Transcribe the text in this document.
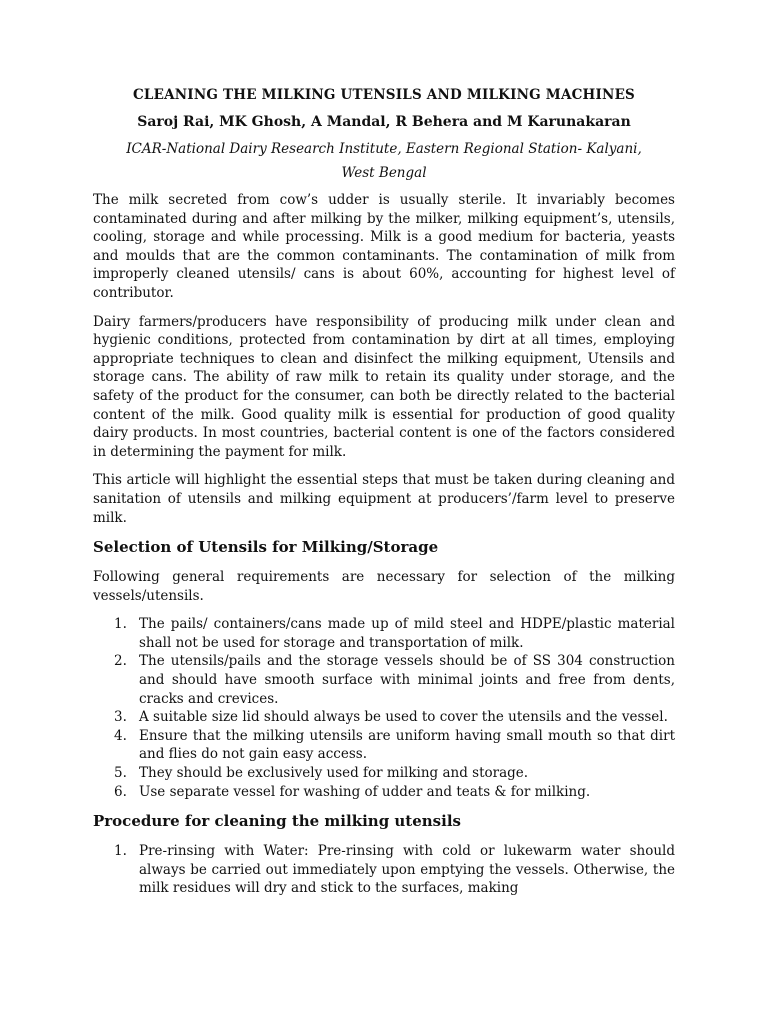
CLEANING THE MILKING UTENSILS AND MILKING MACHINES
Saroj Rai, MK Ghosh, A Mandal, R Behera and M Karunakaran
ICAR-National Dairy Research Institute, Eastern Regional Station- Kalyani,
West Bengal

The milk secreted from cow’s udder is usually sterile. It invariably becomes contaminated during and after milking by the milker, milking equipment’s, utensils, cooling, storage and while processing. Milk is a good medium for bacteria, yeasts and moulds that are the common contaminants. The contamination of milk from improperly cleaned utensils/ cans is about 60%, accounting for highest level of contributor.

Dairy farmers/producers have responsibility of producing milk under clean and hygienic conditions, protected from contamination by dirt at all times, employing appropriate techniques to clean and disinfect the milking equipment, Utensils and storage cans. The ability of raw milk to retain its quality under storage, and the safety of the product for the consumer, can both be directly related to the bacterial content of the milk. Good quality milk is essential for production of good quality dairy products. In most countries, bacterial content is one of the factors considered in determining the payment for milk.

This article will highlight the essential steps that must be taken during cleaning and sanitation of utensils and milking equipment at producers’/farm level to preserve milk.

Selection of Utensils for Milking/Storage

Following general requirements are necessary for selection of the milking vessels/utensils.

1. The pails/ containers/cans made up of mild steel and HDPE/plastic material shall not be used for storage and transportation of milk.
2. The utensils/pails and the storage vessels should be of SS 304 construction and should have smooth surface with minimal joints and free from dents, cracks and crevices.
3. A suitable size lid should always be used to cover the utensils and the vessel.
4. Ensure that the milking utensils are uniform having small mouth so that dirt and flies do not gain easy access.
5. They should be exclusively used for milking and storage.
6. Use separate vessel for washing of udder and teats & for milking.
Procedure for cleaning the milking utensils
1. Pre-rinsing with Water: Pre-rinsing with cold or lukewarm water should always be carried out immediately upon emptying the vessels. Otherwise, the milk residues will dry and stick to the surfaces, making
